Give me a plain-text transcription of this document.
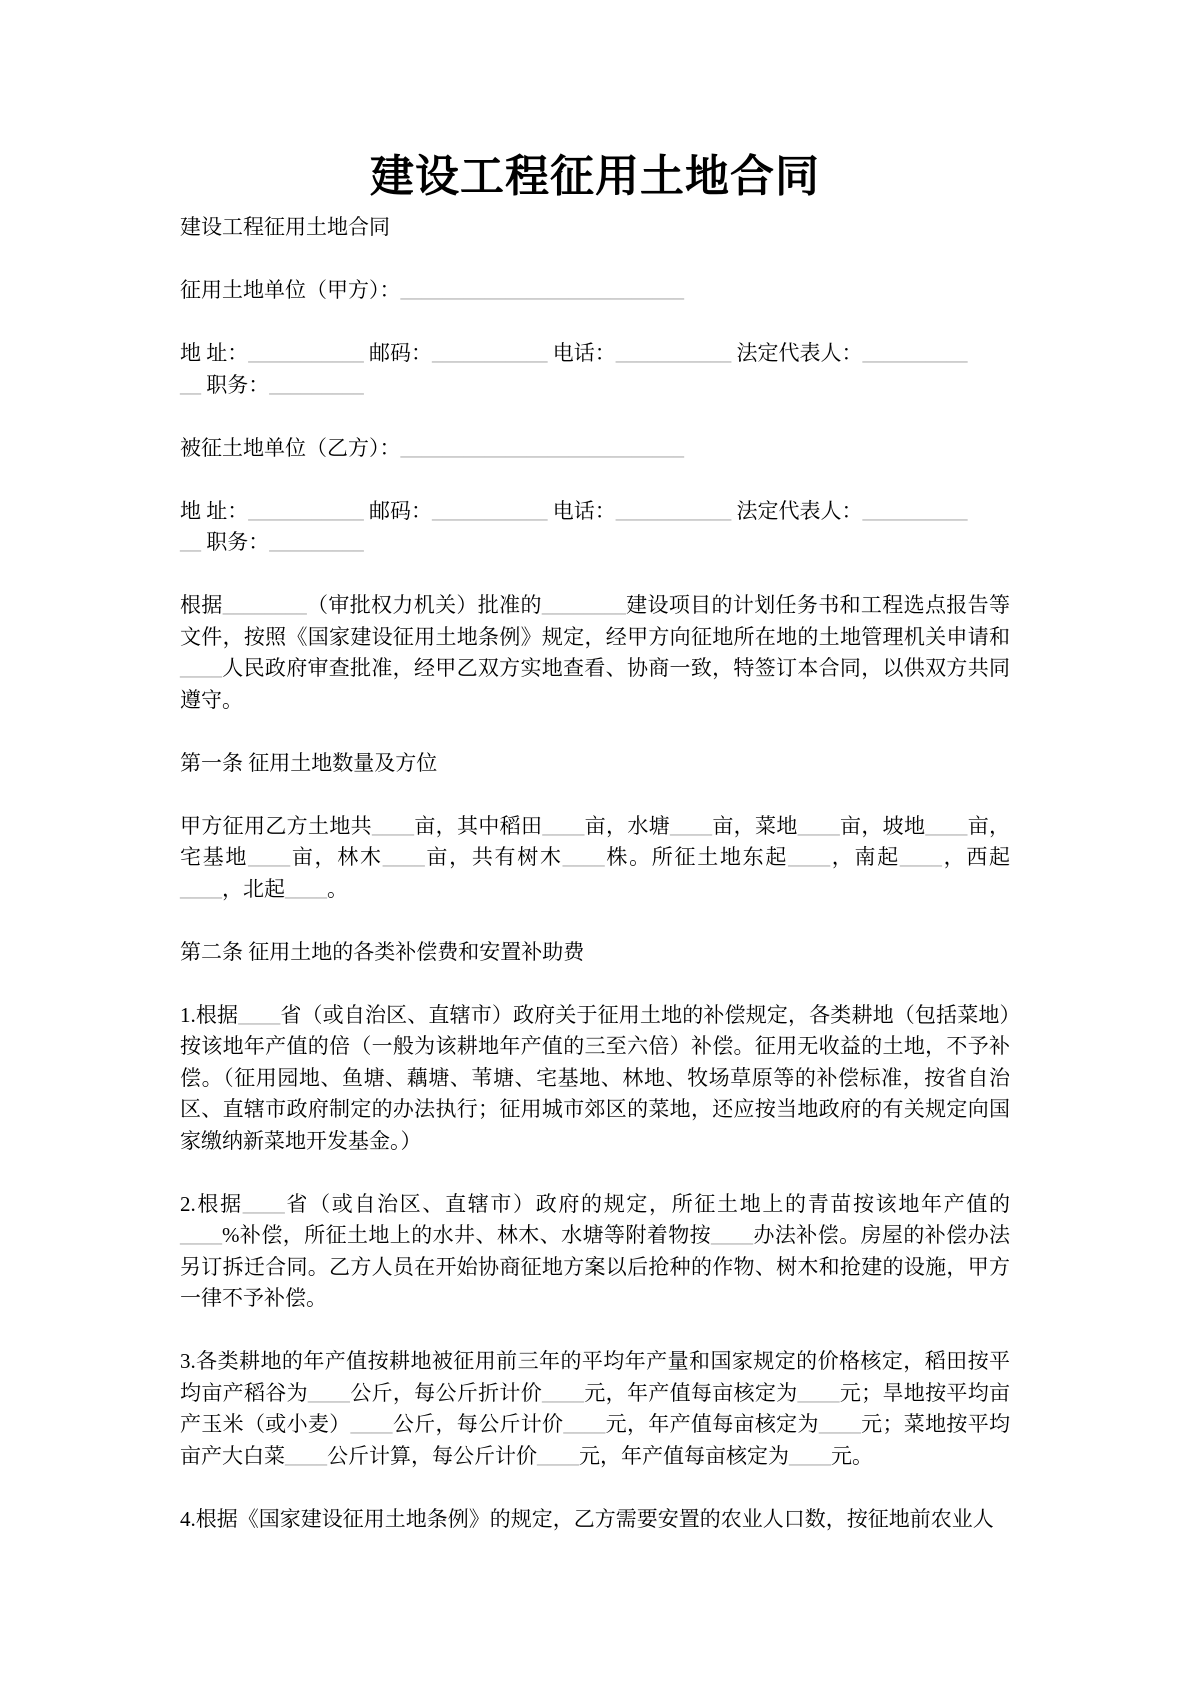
建设工程征用土地合同

建设工程征用土地合同

征用土地单位（甲方）：___________________________

地 址：___________ 邮码：___________ 电话：___________ 法定代表人：__________
__ 职务：_________

被征土地单位（乙方）：___________________________

地 址：___________ 邮码：___________ 电话：___________ 法定代表人：__________
__ 职务：_________

根据________（审批权力机关）批准的________建设项目的计划任务书和工程选点报告等文件，按照《国家建设征用土地条例》规定，经甲方向征地所在地的土地管理机关申请和____人民政府审查批准，经甲乙双方实地查看、协商一致，特签订本合同，以供双方共同遵守。

第一条 征用土地数量及方位

甲方征用乙方土地共____亩，其中稻田____亩，水塘____亩，菜地____亩，坡地____亩，宅基地____亩，林木____亩，共有树木____株。所征土地东起____，南起____，西起____，北起____。

第二条 征用土地的各类补偿费和安置补助费

1.根据____省（或自治区、直辖市）政府关于征用土地的补偿规定，各类耕地（包括菜地）按该地年产值的倍（一般为该耕地年产值的三至六倍）补偿。征用无收益的土地，不予补偿。（征用园地、鱼塘、藕塘、苇塘、宅基地、林地、牧场草原等的补偿标准，按省自治区、直辖市政府制定的办法执行；征用城市郊区的菜地，还应按当地政府的有关规定向国家缴纳新菜地开发基金。）

2.根据____省（或自治区、直辖市）政府的规定，所征土地上的青苗按该地年产值的____%补偿，所征土地上的水井、林木、水塘等附着物按____办法补偿。房屋的补偿办法另订拆迁合同。乙方人员在开始协商征地方案以后抢种的作物、树木和抢建的设施，甲方一律不予补偿。

3.各类耕地的年产值按耕地被征用前三年的平均年产量和国家规定的价格核定，稻田按平均亩产稻谷为____公斤，每公斤折计价____元，年产值每亩核定为____元；旱地按平均亩产玉米（或小麦）____公斤，每公斤计价____元，年产值每亩核定为____元；菜地按平均亩产大白菜____公斤计算，每公斤计价____元，年产值每亩核定为____元。

4.根据《国家建设征用土地条例》的规定，乙方需要安置的农业人口数，按征地前农业人
